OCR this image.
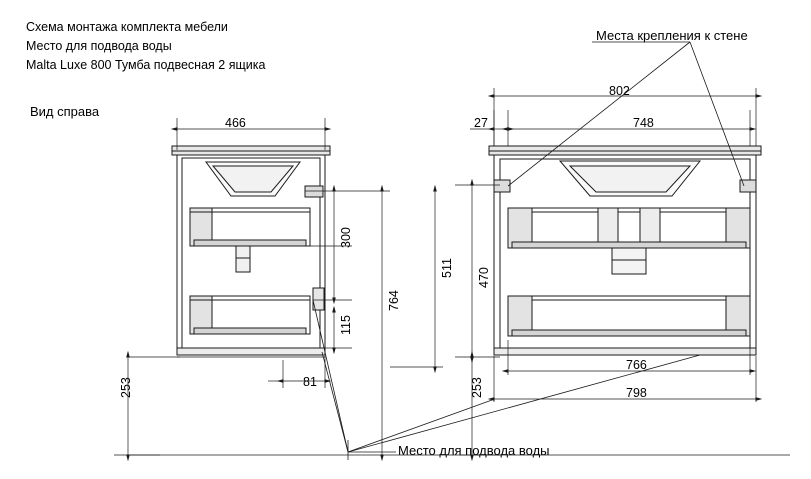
Схема монтажа комплекта мебели
Место для подвода воды
Malta Luxe 800 Тумба подвесная 2 ящика
Вид справа
Места крепления к стене
Место для подвода воды
466
300
115
764
511
253	81
802
27	748
470
253
766
798
